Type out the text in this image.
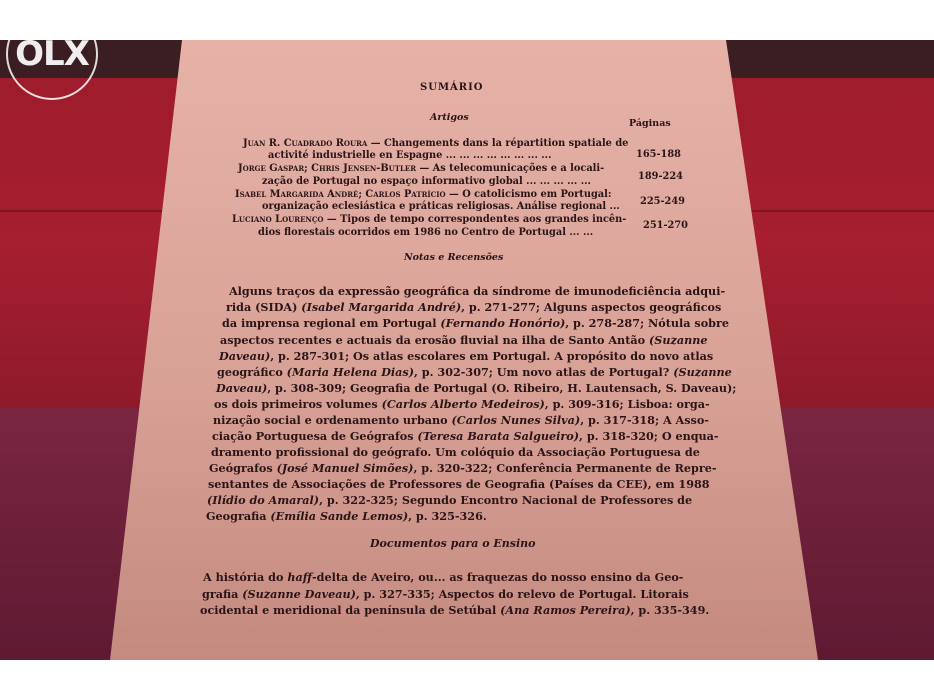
OLX
SUMÁRIO
Artigos
Páginas
Juan R. Cuadrado Roura — Changements dans la répartition spatiale de
activité industrielle en Espagne ... ... ... ... ... ... ... ...	165-188
Jorge Gaspar; Chris Jensen-Butler — As telecomunicações e a locali-
zação de Portugal no espaço informativo global ... ... ... ... ...	189-224
Isabel Margarida André; Carlos Patrício — O catolicismo em Portugal:
organização eclesiástica e práticas religiosas. Análise regional ... 225-249
Luciano Lourenço — Tipos de tempo correspondentes aos grandes incên-
dios florestais ocorridos em 1986 no Centro de Portugal ... ...
251-270
Notas e Recensões
Alguns traços da expressão geográfica da síndrome de imunodeficiência adqui-
rida (SIDA) (Isabel Margarida André), p. 271-277; Alguns aspectos geográficos
da imprensa regional em Portugal (Fernando Honório), p. 278-287; Nótula sobre
aspectos recentes e actuais da erosão fluvial na ilha de Santo Antão (Suzanne
Daveau), p. 287-301; Os atlas escolares em Portugal. A propósito do novo atlas
geográfico (Maria Helena Dias), p. 302-307; Um novo atlas de Portugal? (Suzanne
Daveau), p. 308-309; Geografia de Portugal (O. Ribeiro, H. Lautensach, S. Daveau);
os dois primeiros volumes (Carlos Alberto Medeiros), p. 309-316; Lisboa: orga-
nização social e ordenamento urbano (Carlos Nunes Silva), p. 317-318; A Asso-
ciação Portuguesa de Geógrafos (Teresa Barata Salgueiro), p. 318-320; O enqua-
dramento profissional do geógrafo. Um colóquio da Associação Portuguesa de
Geógrafos (José Manuel Simões), p. 320-322; Conferência Permanente de Repre-
sentantes de Associações de Professores de Geografia (Países da CEE), em 1988
(Ilídio do Amaral), p. 322-325; Segundo Encontro Nacional de Professores de
Geografia (Emília Sande Lemos), p. 325-326.
Documentos para o Ensino
A história do haff-delta de Aveiro, ou... as fraquezas do nosso ensino da Geo-
grafia (Suzanne Daveau), p. 327-335; Aspectos do relevo de Portugal. Litorais
ocidental e meridional da península de Setúbal (Ana Ramos Pereira), p. 335-349.
